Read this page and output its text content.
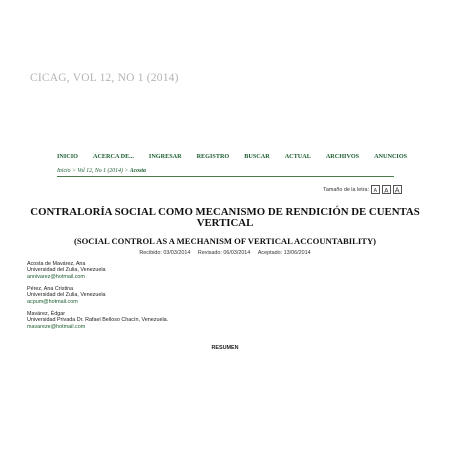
CICAG, VOL 12, NO 1 (2014)
INICIO ACERCA DE... INGRESAR REGISTRO BUSCAR ACTUAL ARCHIVOS ANUNCIOS
Inicio > Vol 12, No 1 (2014) > Acosta
Tamaño de la letra: A A A
CONTRALORÍA SOCIAL COMO MECANISMO DE RENDICIÓN DE CUENTAS VERTICAL
(SOCIAL CONTROL AS A MECHANISM OF VERTICAL ACCOUNTABILITY)
Recibido: 03/03/2014 Revisado: 06/03/2014 Aceptado: 13/06/2014
Acosta de Mavárez, Ana
Universidad del Zulia, Venezuela
annivarez@hotmail.com
Pérez, Ana Cristina
Universidad del Zulia, Venezuela
acpum@hotmail.com
Mavárez, Édgar
Universidad Privada Dr. Rafael Belloso Chacín, Venezuela.
mavareze@hotmail.com
RESUMEN
